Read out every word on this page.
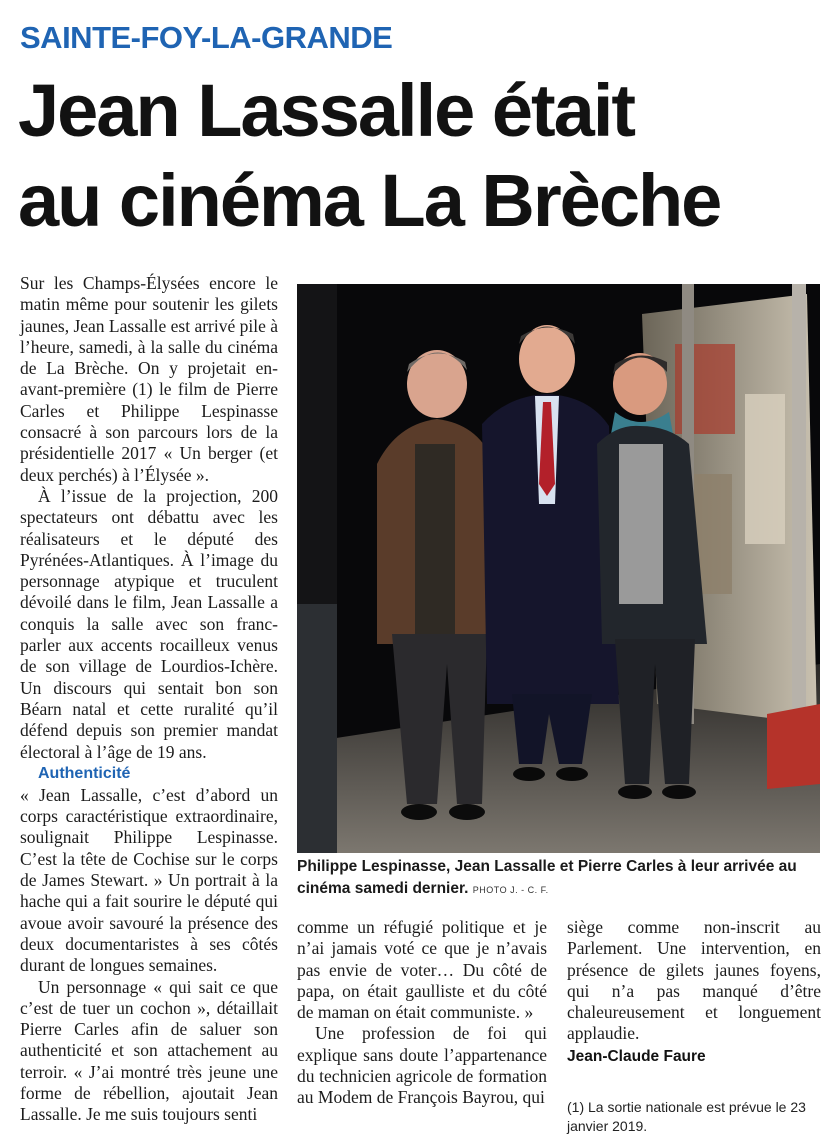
SAINTE-FOY-LA-GRANDE
Jean Lassalle était
au cinéma La Brèche

Sur les Champs-Élysées encore le matin même pour soutenir les gilets jaunes, Jean Lassalle est arrivé pile à l’heure, samedi, à la salle du cinéma de La Brèche. On y projetait en-avant-première (1) le film de Pierre Carles et Philippe Lespinasse consacré à son parcours lors de la présidentielle 2017 « Un berger (et deux perchés) à l’Élysée ».

À l’issue de la projection, 200 spectateurs ont débattu avec les réalisateurs et le député des Pyrénées-Atlantiques. À l’image du personnage atypique et truculent dévoilé dans le film, Jean Lassalle a conquis la salle avec son franc-parler aux accents rocailleux venus de son village de Lourdios-Ichère. Un discours qui sentait bon son Béarn natal et cette ruralité qu’il défend depuis son premier mandat électoral à l’âge de 19 ans.

Authenticité

« Jean Lassalle, c’est d’abord un corps caractéristique extraordinaire, soulignait Philippe Lespinasse. C’est la tête de Cochise sur le corps de James Stewart. » Un portrait à la hache qui a fait sourire le député qui avoue avoir savouré la présence des deux documentaristes à ses côtés durant de longues semaines.

Un personnage « qui sait ce que c’est de tuer un cochon », détaillait Pierre Carles afin de saluer son authenticité et son attachement au terroir. « J’ai montré très jeune une forme de rébellion, ajoutait Jean Lassalle. Je me suis toujours senti

Philippe Lespinasse, Jean Lassalle et Pierre Carles à leur arrivée au cinéma samedi dernier. PHOTO J. - C. F.

comme un réfugié politique et je n’ai jamais voté ce que je n’avais pas envie de voter… Du côté de papa, on était gaulliste et du côté de maman on était communiste. »

Une profession de foi qui explique sans doute l’appartenance du technicien agricole de formation au Modem de François Bayrou, qui

siège comme non-inscrit au Parlement. Une intervention, en présence de gilets jaunes foyens, qui n’a pas manqué d’être chaleureusement et longuement applaudie.

Jean-Claude Faure
(1) La sortie nationale est prévue le 23 janvier 2019.
